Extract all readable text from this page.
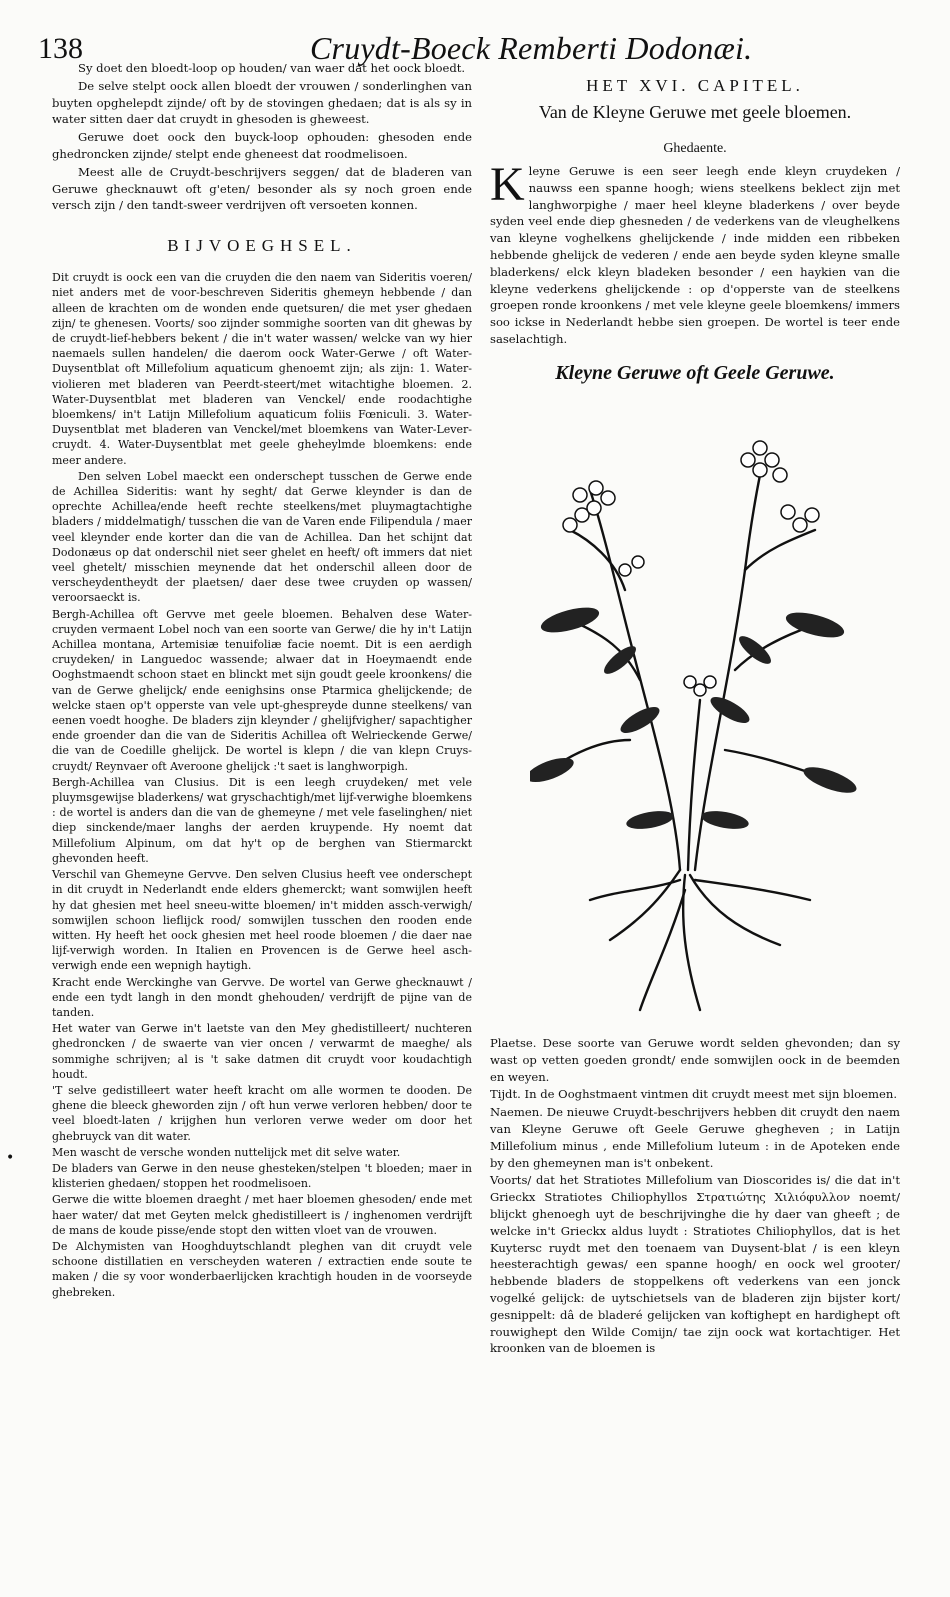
138	Cruydt-Boeck Remberti Dodonæi.

Sy doet den bloedt-loop op houden/ van waer dat het oock bloedt.

De selve stelpt oock allen bloedt der vrouwen / sonderlinghen van buyten opghelepdt zijnde/ oft by de stovingen ghedaen; dat is als sy in water sitten daer dat cruydt in ghesoden is gheweest.

Geruwe doet oock den buyck-loop ophouden: ghesoden ende ghedroncken zijnde/ stelpt ende gheneest dat roodmelisoen.

Meest alle de Cruydt-beschrijvers seggen/ dat de bladeren van Geruwe ghecknauwt oft g'eten/ besonder als sy noch groen ende versch zijn / den tandt-sweer verdrijven oft versoeten konnen.

BIJVOEGHSEL.

Dit cruydt is oock een van die cruyden die den naem van Sideritis voeren/ niet anders met de voor-beschreven Sideritis ghemeyn hebbende / dan alleen de krachten om de wonden ende quetsuren/ die met yser ghedaen zijn/ te ghenesen. Voorts/ soo zijnder sommighe soorten van dit ghewas by de cruydt-lief-hebbers bekent / die in't water wassen/ welcke van wy hier naemaels sullen handelen/ die daerom oock Water-Gerwe / oft Water-Duysentblat oft Millefolium aquaticum ghenoemt zijn; als zijn: 1. Water-violieren met bladeren van Peerdt-steert/met witachtighe bloemen. 2. Water-Duysentblat met bladeren van Venckel/ ende roodachtighe bloemkens/ in't Latijn Millefolium aquaticum foliis Fœniculi. 3. Water-Duysentblat met bladeren van Venckel/met bloemkens van Water-Lever-cruydt. 4. Water-Duysentblat met geele gheheylmde bloemkens: ende meer andere.

Den selven Lobel maeckt een onderschept tusschen de Gerwe ende de Achillea Sideritis: want hy seght/ dat Gerwe kleynder is dan de oprechte Achillea/ende heeft rechte steelkens/met pluymagtachtighe bladers / middelmatigh/ tusschen die van de Varen ende Filipendula / maer veel kleynder ende korter dan die van de Achillea. Dan het schijnt dat Dodonæus op dat onderschil niet seer ghelet en heeft/ oft immers dat niet veel ghetelt/ misschien meynende dat het onderschil alleen door de verscheydentheydt der plaetsen/ daer dese twee cruyden op wassen/ veroorsaeckt is.

Bergh-Achillea oft Gervve met geele bloemen. Behalven dese Water-cruyden vermaent Lobel noch van een soorte van Gerwe/ die hy in't Latijn Achillea montana, Artemisiæ tenuifoliæ facie noemt. Dit is een aerdigh cruydeken/ in Languedoc wassende; alwaer dat in Hoeymaendt ende Ooghstmaendt schoon staet en blinckt met sijn goudt geele kroonkens/ die van de Gerwe ghelijck/ ende eenighsins onse Ptarmica ghelijckende; de welcke staen op't opperste van vele upt-ghespreyde dunne steelkens/ van eenen voedt hooghe. De bladers zijn kleynder / ghelijfvigher/ sapachtigher ende groender dan die van de Sideritis Achillea oft Welrieckende Gerwe/ die van de Coedille ghelijck. De wortel is klepn / die van klepn Cruys-cruydt/ Reynvaer oft Averoone ghelijck :'t saet is langhworpigh.

Bergh-Achillea van Clusius. Dit is een leegh cruydeken/ met vele pluymsgewijse bladerkens/ wat gryschachtigh/met lijf-verwighe bloemkens : de wortel is anders dan die van de ghemeyne / met vele faselinghen/ niet diep sinckende/maer langhs der aerden kruypende. Hy noemt dat Millefolium Alpinum, om dat hy't op de berghen van Stiermarckt ghevonden heeft.

Verschil van Ghemeyne Gervve. Den selven Clusius heeft vee onderschept in dit cruydt in Nederlandt ende elders ghemerckt; want somwijlen heeft hy dat ghesien met heel sneeu-witte bloemen/ in't midden assch-verwigh/ somwijlen schoon lieflijck rood/ somwijlen tusschen den rooden ende witten. Hy heeft het oock ghesien met heel roode bloemen / die daer nae lijf-verwigh worden. In Italien en Provencen is de Gerwe heel asch-verwigh ende een wepnigh haytigh.

Kracht ende Werckinghe van Gervve. De wortel van Gerwe ghecknauwt / ende een tydt langh in den mondt ghehouden/ verdrijft de pijne van de tanden.

Het water van Gerwe in't laetste van den Mey ghedistilleert/ nuchteren ghedroncken / de swaerte van vier oncen / verwarmt de maeghe/ als sommighe schrijven; al is 't sake datmen dit cruydt voor koudachtigh houdt.

'T selve gedistilleert water heeft kracht om alle wormen te dooden. De ghene die bleeck gheworden zijn / oft hun verwe verloren hebben/ door te veel bloedt-laten / krijghen hun verloren verwe weder om door het ghebruyck van dit water.

Men wascht de versche wonden nuttelijck met dit selve water.

De bladers van Gerwe in den neuse ghesteken/stelpen 't bloeden; maer in klisterien ghedaen/ stoppen het roodmelisoen.

Gerwe die witte bloemen draeght / met haer bloemen ghesoden/ ende met haer water/ dat met Geyten melck ghedistilleert is / inghenomen verdrijft de mans de koude pisse/ende stopt den witten vloet van de vrouwen.

De Alchymisten van Hooghduytschlandt pleghen van dit cruydt vele schoone distillatien en verscheyden wateren / extractien ende soute te maken / die sy voor wonderbaerlijcken krachtigh houden in de voorseyde ghebreken.

•
HET XVI. CAPITEL.
Van de Kleyne Geruwe met geele bloemen.
Ghedaente.

Kleyne Geruwe is een seer leegh ende kleyn cruydeken / nauwss een spanne hoogh; wiens steelkens beklect zijn met langhworpighe / maer heel kleyne bladerkens / over beyde syden veel ende diep ghesneden / de vederkens van de vleughelkens van kleyne voghelkens ghelijckende / inde midden een ribbeken hebbende ghelijck de vederen / ende aen beyde syden kleyne smalle bladerkens/ elck kleyn bladeken besonder / een haykien van die kleyne vederkens ghelijckende : op d'opperste van de steelkens groepen ronde kroonkens / met vele kleyne geele bloemkens/ immers soo ickse in Nederlandt hebbe sien groepen. De wortel is teer ende saselachtigh.

Kleyne Geruwe oft Geele Geruwe.

Plaetse. Dese soorte van Geruwe wordt selden ghevonden; dan sy wast op vetten goeden grondt/ ende somwijlen oock in de beemden en weyen.

Tijdt. In de Ooghstmaent vintmen dit cruydt meest met sijn bloemen.

Naemen. De nieuwe Cruydt-beschrijvers hebben dit cruydt den naem van Kleyne Geruwe oft Geele Geruwe ghegheven ; in Latijn Millefolium minus , ende Millefolium luteum : in de Apoteken ende by den ghemeynen man is't onbekent.

Voorts/ dat het Stratiotes Millefolium van Dioscorides is/ die dat in't Grieckx Stratiotes Chiliophyllos Στρατιώτης Χιλιόφυλλον noemt/ blijckt ghenoegh uyt de beschrijvinghe die hy daer van gheeft ; de welcke in't Grieckx aldus luydt : Stratiotes Chiliophyllos, dat is het Kuytersc ruydt met den toenaem van Duysent-blat / is een kleyn heesterachtigh gewas/ een spanne hoogh/ en oock wel grooter/ hebbende bladers de stoppelkens oft vederkens van een jonck vogelké gelijck: de uytschietsels van de bladeren zijn bijster kort/ gesnippelt: dâ de bladeré gelijcken van koftighept en hardighept oft rouwighept den Wilde Comijn/ tae zijn oock wat kortachtiger. Het kroonken van de bloemen is
